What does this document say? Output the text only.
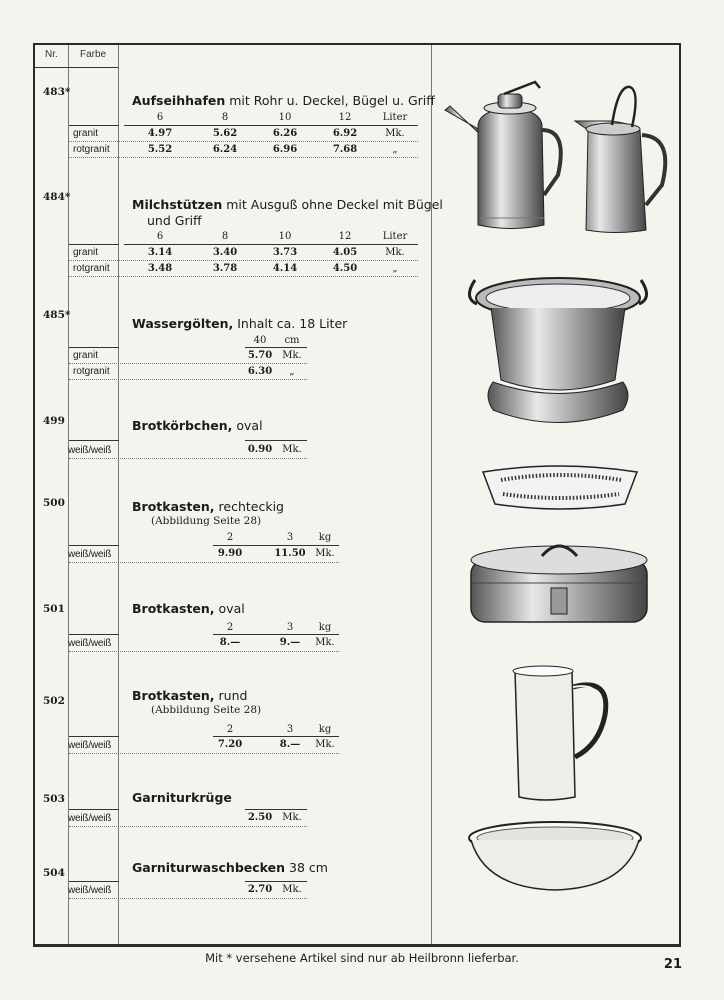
Nr. Farbe
483*
Aufseihhafen mit Rohr u. Deckel, Bügel u. Griff
6	8	10	12	Liter
granit	4.97	5.62	6.26	6.92	Mk.
rotgranit	5.52	6.24	6.96	7.68	„
484*	Milchstützen mit Ausguß ohne Deckel mit Bügel
und Griff
6	8	10	12	Liter
granit	3.14	3.40	3.73	4.05	Mk.
rotgranit	3.48	3.78	4.14	4.50	„
485*
Wassergölten, Inhalt ca. 18 Liter
40	cm
granit	5.70	Mk.
rotgranit	6.30	„
499	Brotkörbchen, oval
weiß/weiß	0.90	Mk.
500	Brotkasten, rechteckig
(Abbildung Seite 28)
2	3	kg
weiß/weiß	9.90	11.50 Mk.
501	Brotkasten, oval
2	3	kg
weiß/weiß	8.—	9.—	Mk.
502	Brotkasten, rund
(Abbildung Seite 28)
2	3	kg
weiß/weiß	7.20	8.—	Mk.
503	Garniturkrüge
weiß/weiß	2.50	Mk.
504	Garniturwaschbecken 38 cm
weiß/weiß	2.70	Mk.
Mit * versehene Artikel sind nur ab Heilbronn lieferbar.	21
